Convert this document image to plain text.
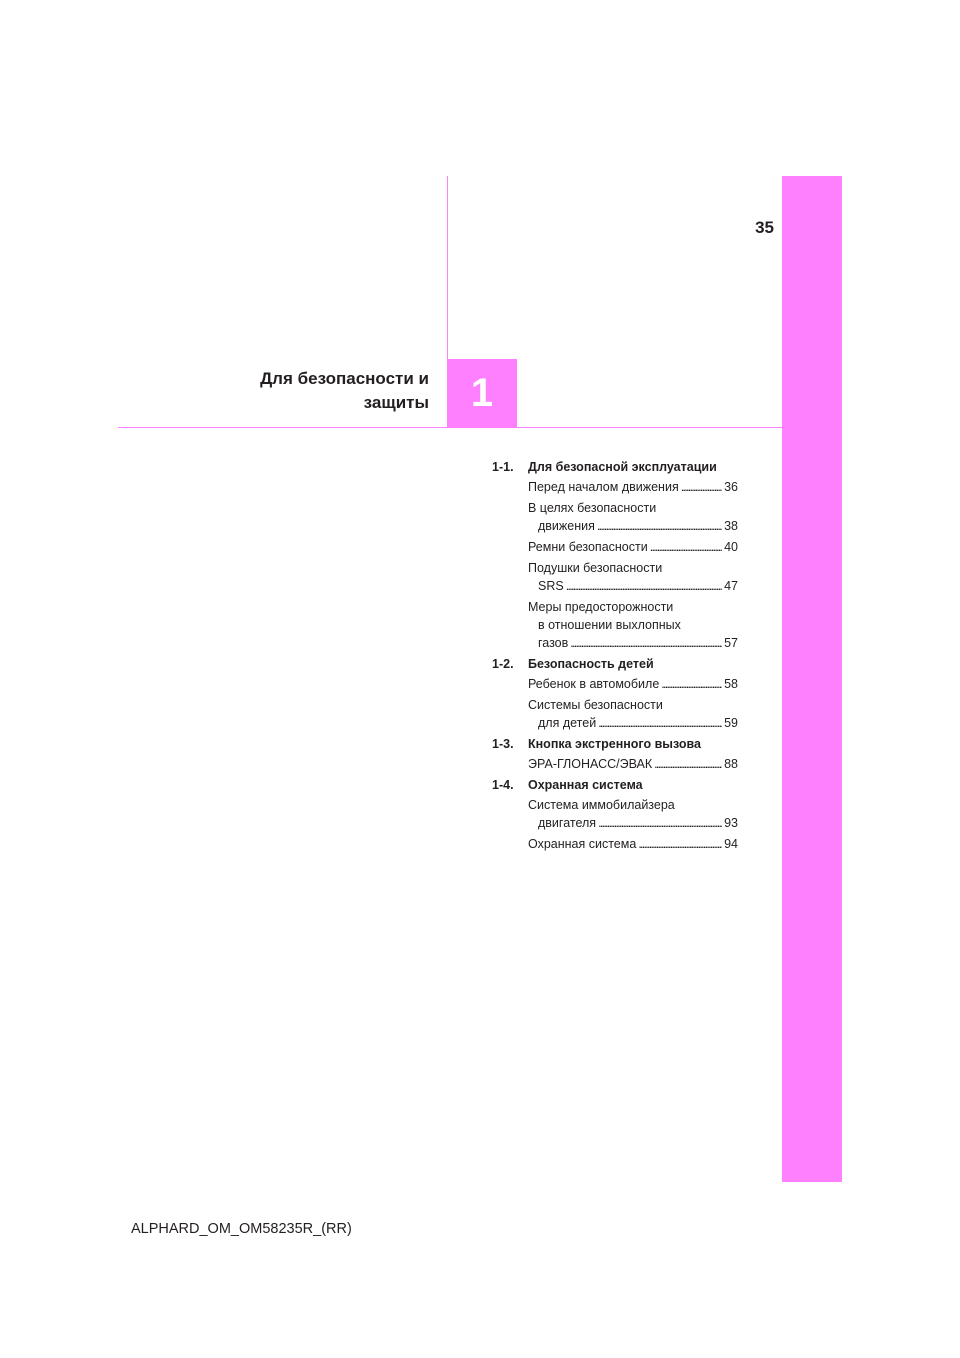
35
1
Для безопасности и
защиты
1-1.	Для безопасной эксплуатации
Перед началом движения . . .	36
В целях безопасности
движения . . .	38
Ремни безопасности . . .	40
Подушки безопасности
SRS . . .	47
Меры предосторожности
в отношении выхлопных
газов . . .	57
1-2.	Безопасность детей
Ребенок в автомобиле . . .	58
Системы безопасности
для детей . . .	59
1-3.	Кнопка экстренного вызова
ЭРА-ГЛОНАСС/ЭВАК . . .	88
1-4.	Охранная система
Система иммобилайзера
двигателя . . .	93
Охранная система . . .	94
ALPHARD_OM_OM58235R_(RR)
